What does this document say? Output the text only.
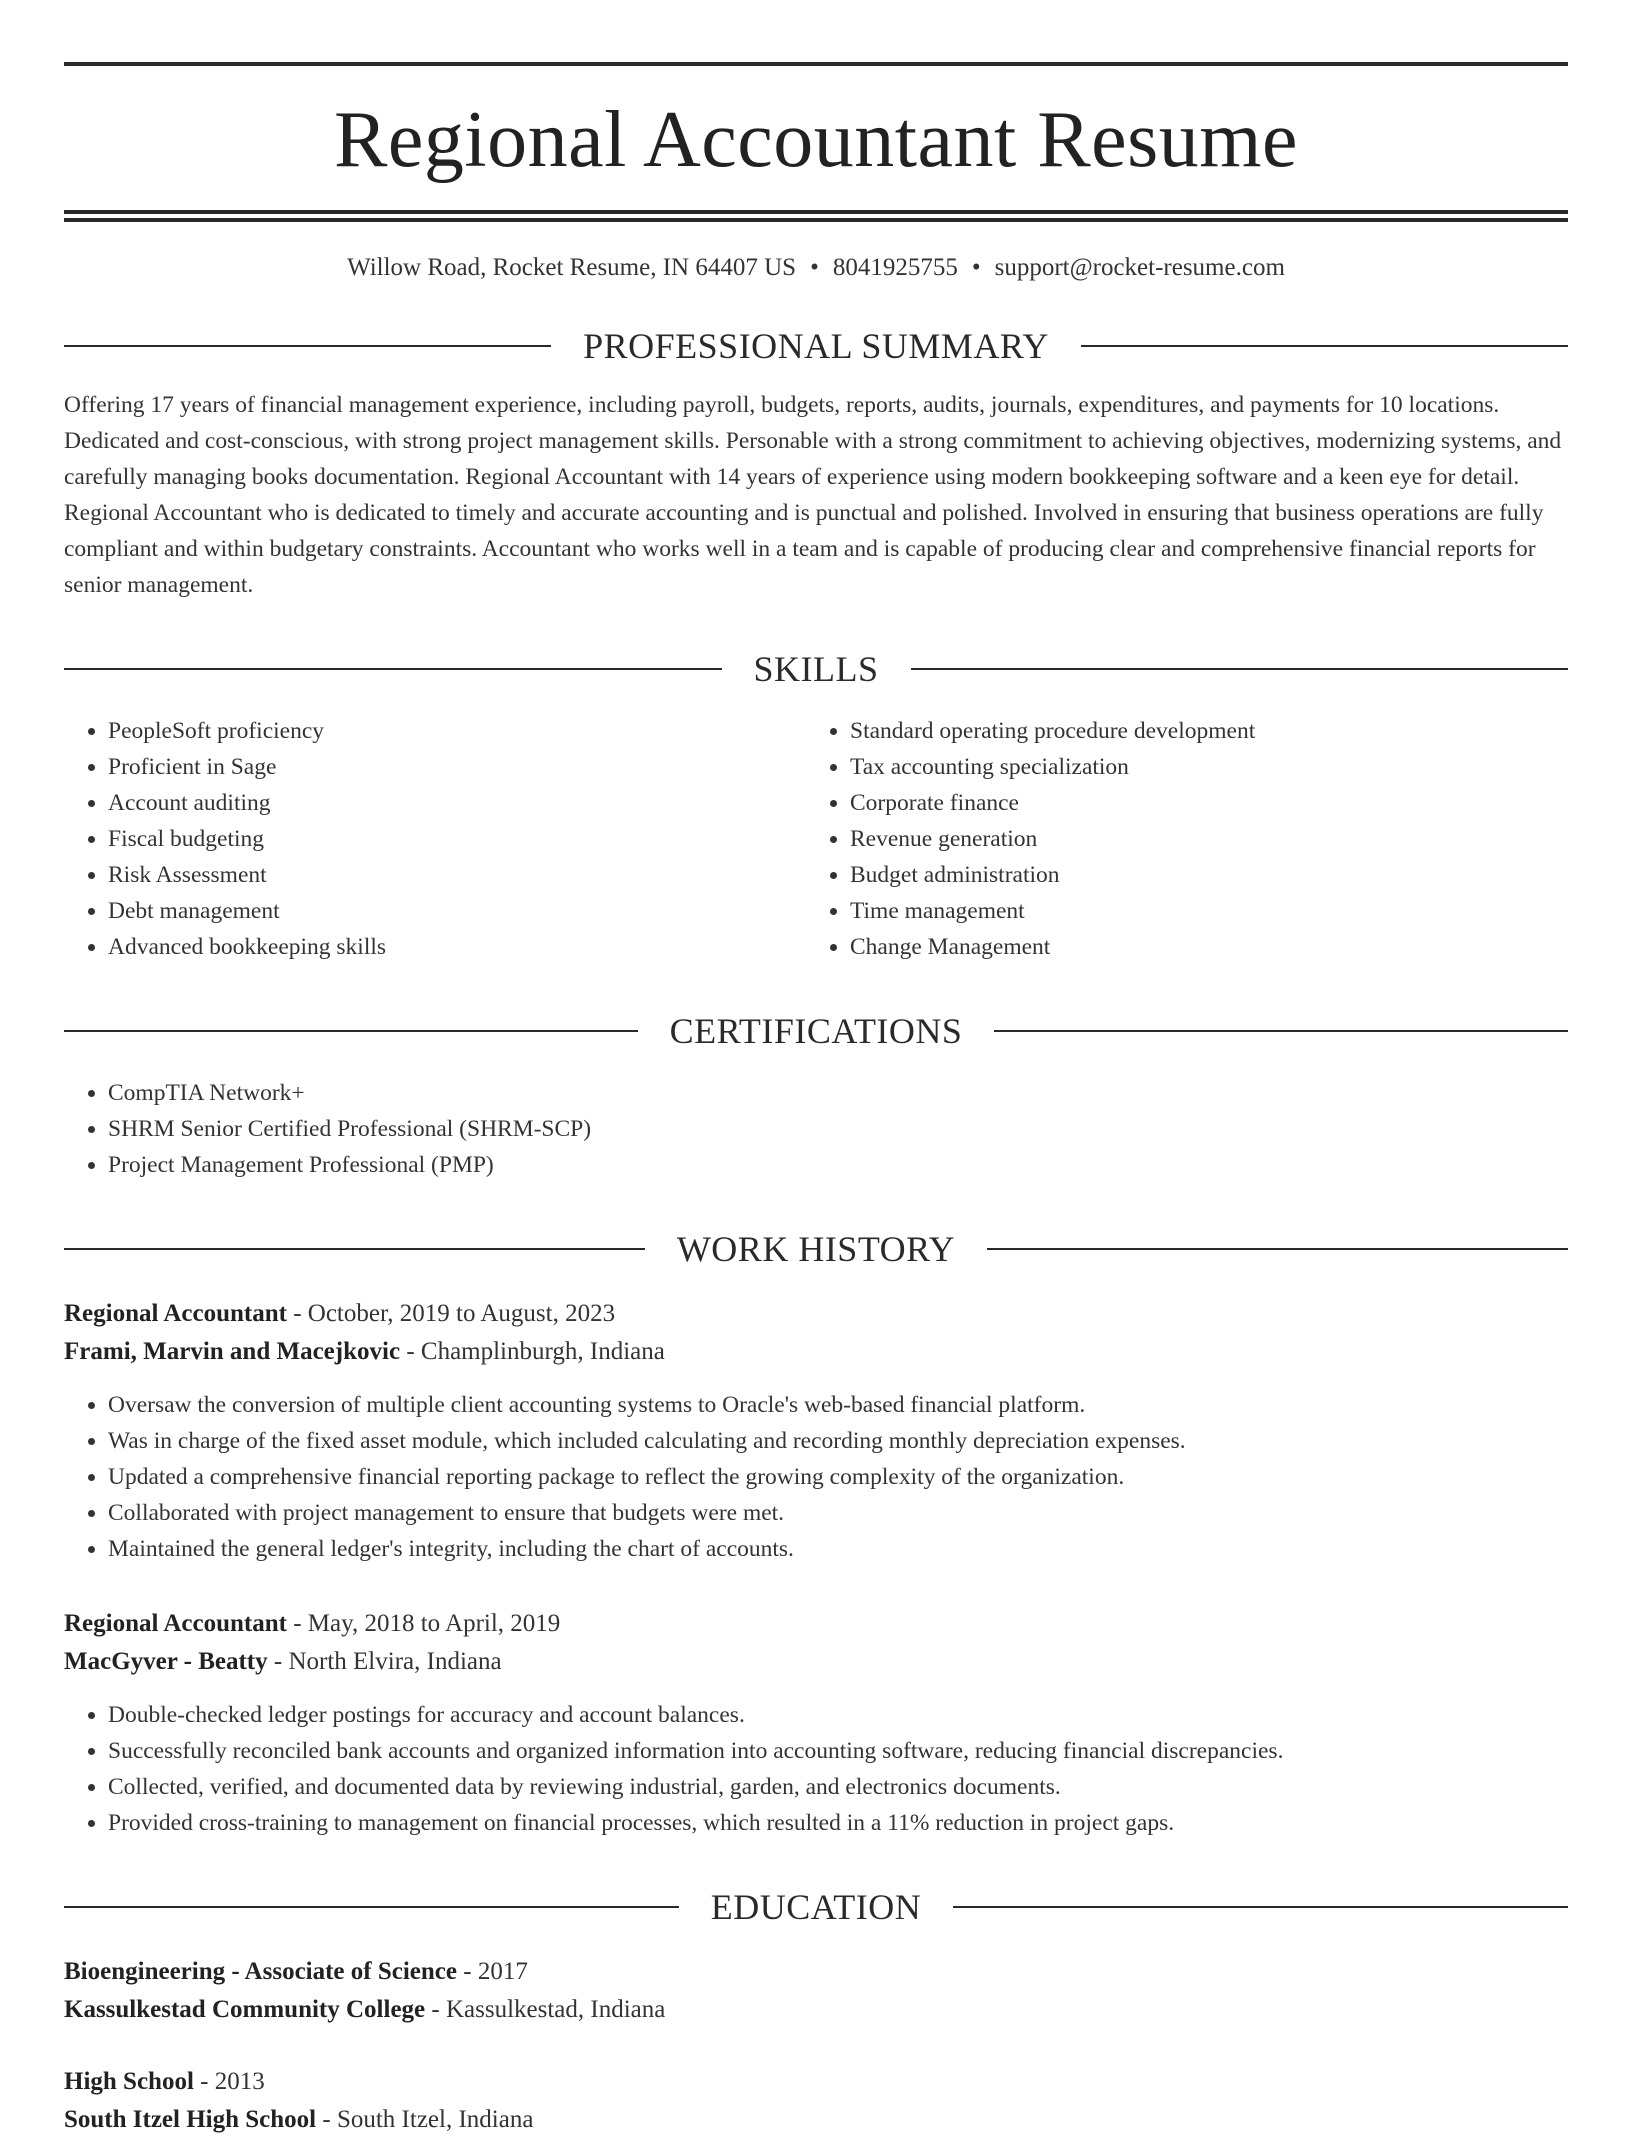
Regional Accountant Resume
Willow Road, Rocket Resume, IN 64407 US • 8041925755 • support@rocket-resume.com
PROFESSIONAL SUMMARY

Offering 17 years of financial management experience, including payroll, budgets, reports, audits, journals, expenditures, and payments for 10 locations. Dedicated and cost-conscious, with strong project management skills. Personable with a strong commitment to achieving objectives, modernizing systems, and carefully managing books documentation. Regional Accountant with 14 years of experience using modern bookkeeping software and a keen eye for detail. Regional Accountant who is dedicated to timely and accurate accounting and is punctual and polished. Involved in ensuring that business operations are fully compliant and within budgetary constraints. Accountant who works well in a team and is capable of producing clear and comprehensive financial reports for senior management.

SKILLS
• PeopleSoft proficiency
• Proficient in Sage
• Account auditing
• Fiscal budgeting
• Risk Assessment
• Debt management
• Advanced bookkeeping skills
• Standard operating procedure development
• Tax accounting specialization
• Corporate finance
• Revenue generation
• Budget administration
• Time management
• Change Management
CERTIFICATIONS
• CompTIA Network+
• SHRM Senior Certified Professional (SHRM-SCP)
• Project Management Professional (PMP)
WORK HISTORY
Regional Accountant - October, 2019 to August, 2023
Frami, Marvin and Macejkovic - Champlinburgh, Indiana
• Oversaw the conversion of multiple client accounting systems to Oracle's web-based financial platform.
• Was in charge of the fixed asset module, which included calculating and recording monthly depreciation expenses.
• Updated a comprehensive financial reporting package to reflect the growing complexity of the organization.
• Collaborated with project management to ensure that budgets were met.
• Maintained the general ledger's integrity, including the chart of accounts.
Regional Accountant - May, 2018 to April, 2019
MacGyver - Beatty - North Elvira, Indiana
• Double-checked ledger postings for accuracy and account balances.
• Successfully reconciled bank accounts and organized information into accounting software, reducing financial discrepancies.
• Collected, verified, and documented data by reviewing industrial, garden, and electronics documents.
• Provided cross-training to management on financial processes, which resulted in a 11% reduction in project gaps.
EDUCATION
Bioengineering - Associate of Science - 2017
Kassulkestad Community College - Kassulkestad, Indiana
High School - 2013
South Itzel High School - South Itzel, Indiana
